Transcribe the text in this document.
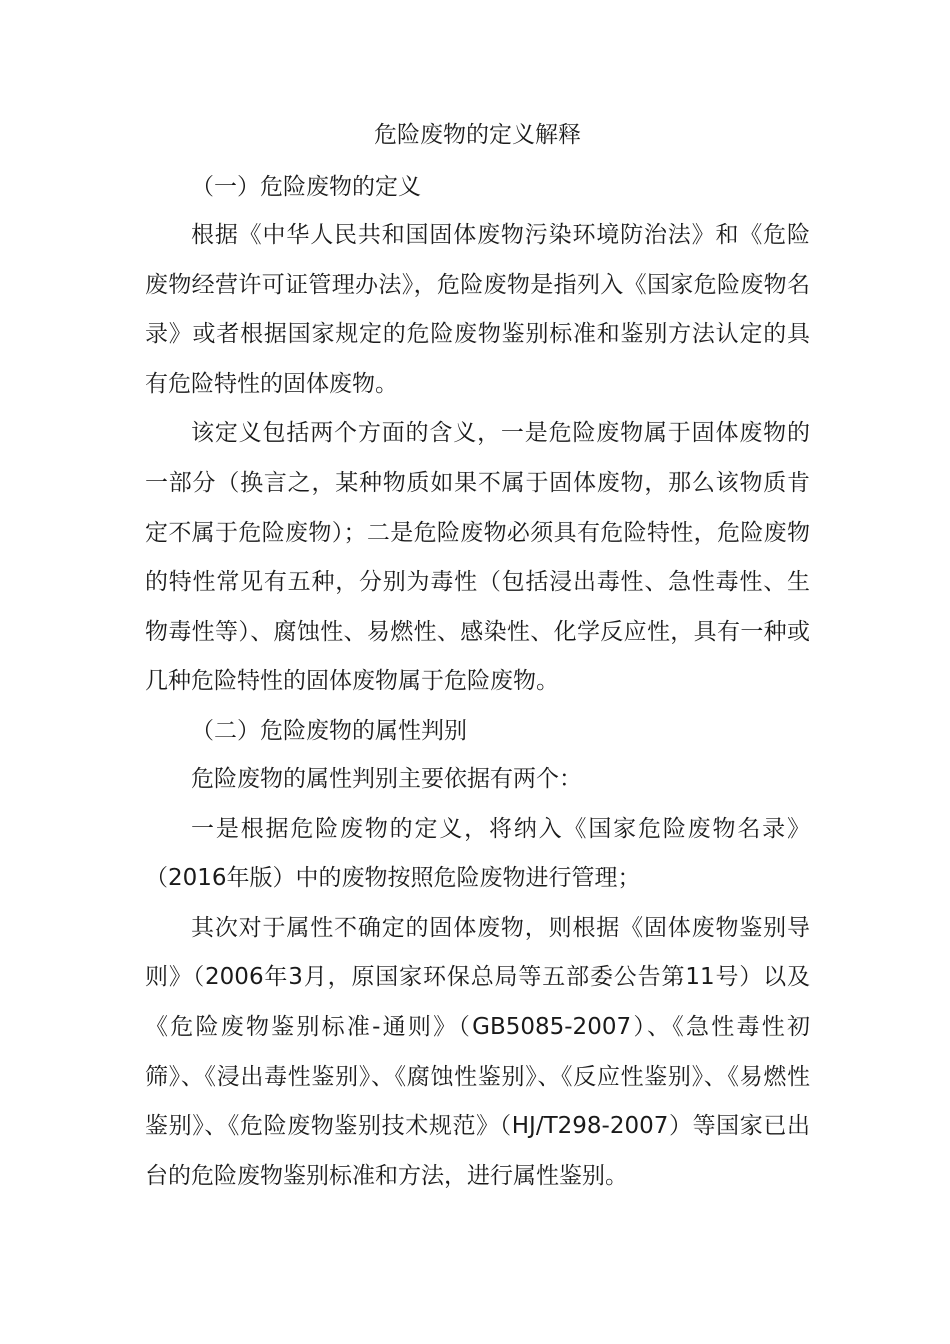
危险废物的定义解释
（一）危险废物的定义

根据《中华人民共和国固体废物污染环境防治法》和《危险废物经营许可证管理办法》，危险废物是指列入《国家危险废物名录》或者根据国家规定的危险废物鉴别标准和鉴别方法认定的具有危险特性的固体废物。

该定义包括两个方面的含义，一是危险废物属于固体废物的一部分（换言之，某种物质如果不属于固体废物，那么该物质肯定不属于危险废物）；二是危险废物必须具有危险特性，危险废物的特性常见有五种，分别为毒性（包括浸出毒性、急性毒性、生物毒性等）、腐蚀性、易燃性、感染性、化学反应性，具有一种或几种危险特性的固体废物属于危险废物。

（二）危险废物的属性判别

危险废物的属性判别主要依据有两个：

一是根据危险废物的定义，将纳入《国家危险废物名录》（2016年版）中的废物按照危险废物进行管理；

其次对于属性不确定的固体废物，则根据《固体废物鉴别导则》（2006年3月，原国家环保总局等五部委公告第11号）以及《危险废物鉴别标准-通则》（GB5085-2007）、《急性毒性初筛》、《浸出毒性鉴别》、《腐蚀性鉴别》、《反应性鉴别》、《易燃性鉴别》、《危险废物鉴别技术规范》（HJ/T298-2007）等国家已出台的危险废物鉴别标准和方法，进行属性鉴别。
